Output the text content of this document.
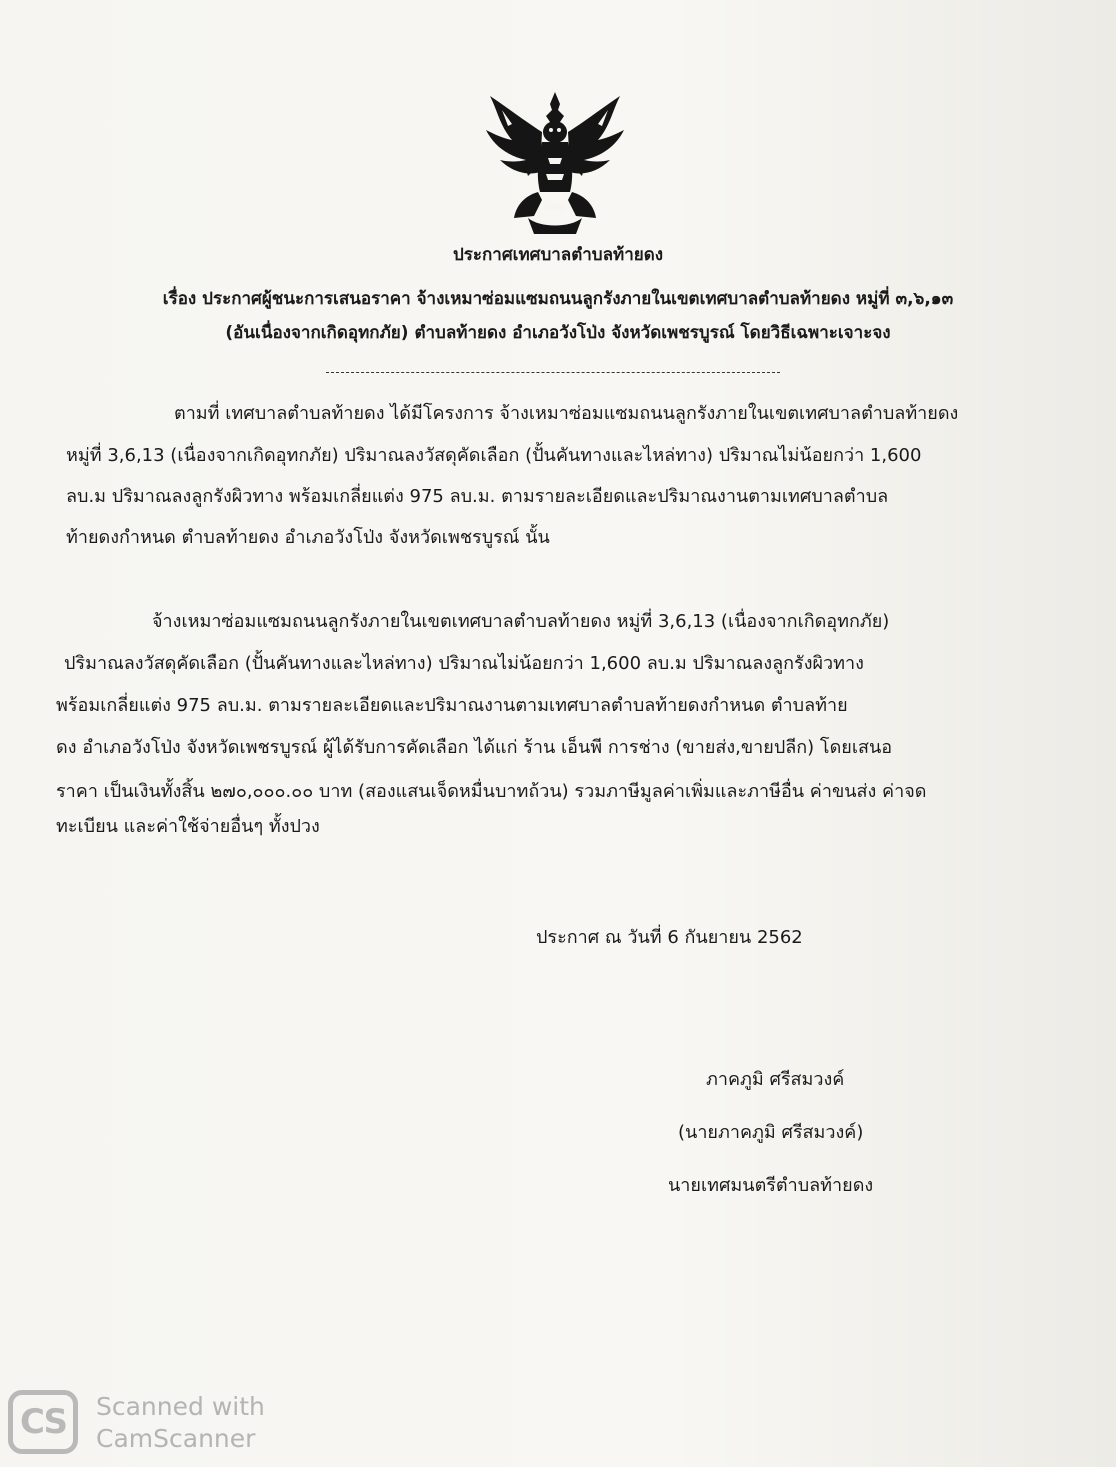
ประกาศเทศบาลตำบลท้ายดง
เรื่อง ประกาศผู้ชนะการเสนอราคา จ้างเหมาซ่อมแซมถนนลูกรังภายในเขตเทศบาลตำบลท้ายดง หมู่ที่ ๓,๖,๑๓
(อันเนื่องจากเกิดอุทกภัย) ตำบลท้ายดง อำเภอวังโป่ง จังหวัดเพชรบูรณ์ โดยวิธีเฉพาะเจาะจง
ตามที่ เทศบาลตำบลท้ายดง ได้มีโครงการ จ้างเหมาซ่อมแซมถนนลูกรังภายในเขตเทศบาลตำบลท้ายดง
หมู่ที่ 3,6,13 (เนื่องจากเกิดอุทกภัย) ปริมาณลงวัสดุคัดเลือก (ปั้นคันทางและไหล่ทาง) ปริมาณไม่น้อยกว่า 1,600
ลบ.ม ปริมาณลงลูกรังผิวทาง พร้อมเกลี่ยแต่ง 975 ลบ.ม. ตามรายละเอียดและปริมาณงานตามเทศบาลตำบล
ท้ายดงกำหนด ตำบลท้ายดง อำเภอวังโป่ง จังหวัดเพชรบูรณ์ นั้น
จ้างเหมาซ่อมแซมถนนลูกรังภายในเขตเทศบาลตำบลท้ายดง หมู่ที่ 3,6,13 (เนื่องจากเกิดอุทกภัย)
ปริมาณลงวัสดุคัดเลือก (ปั้นคันทางและไหล่ทาง) ปริมาณไม่น้อยกว่า 1,600 ลบ.ม ปริมาณลงลูกรังผิวทาง
พร้อมเกลี่ยแต่ง 975 ลบ.ม. ตามรายละเอียดและปริมาณงานตามเทศบาลตำบลท้ายดงกำหนด ตำบลท้าย
ดง อำเภอวังโป่ง จังหวัดเพชรบูรณ์ ผู้ได้รับการคัดเลือก ได้แก่ ร้าน เอ็นพี การช่าง (ขายส่ง,ขายปลีก) โดยเสนอ
ราคา เป็นเงินทั้งสิ้น ๒๗๐,๐๐๐.๐๐ บาท (สองแสนเจ็ดหมื่นบาทถ้วน) รวมภาษีมูลค่าเพิ่มและภาษีอื่น ค่าขนส่ง ค่าจด
ทะเบียน และค่าใช้จ่ายอื่นๆ ทั้งปวง
ประกาศ ณ วันที่ 6 กันยายน 2562
ภาคภูมิ ศรีสมวงค์
(นายภาคภูมิ ศรีสมวงค์)
นายเทศมนตรีตำบลท้ายดง
CS	Scanned with
CamScanner
